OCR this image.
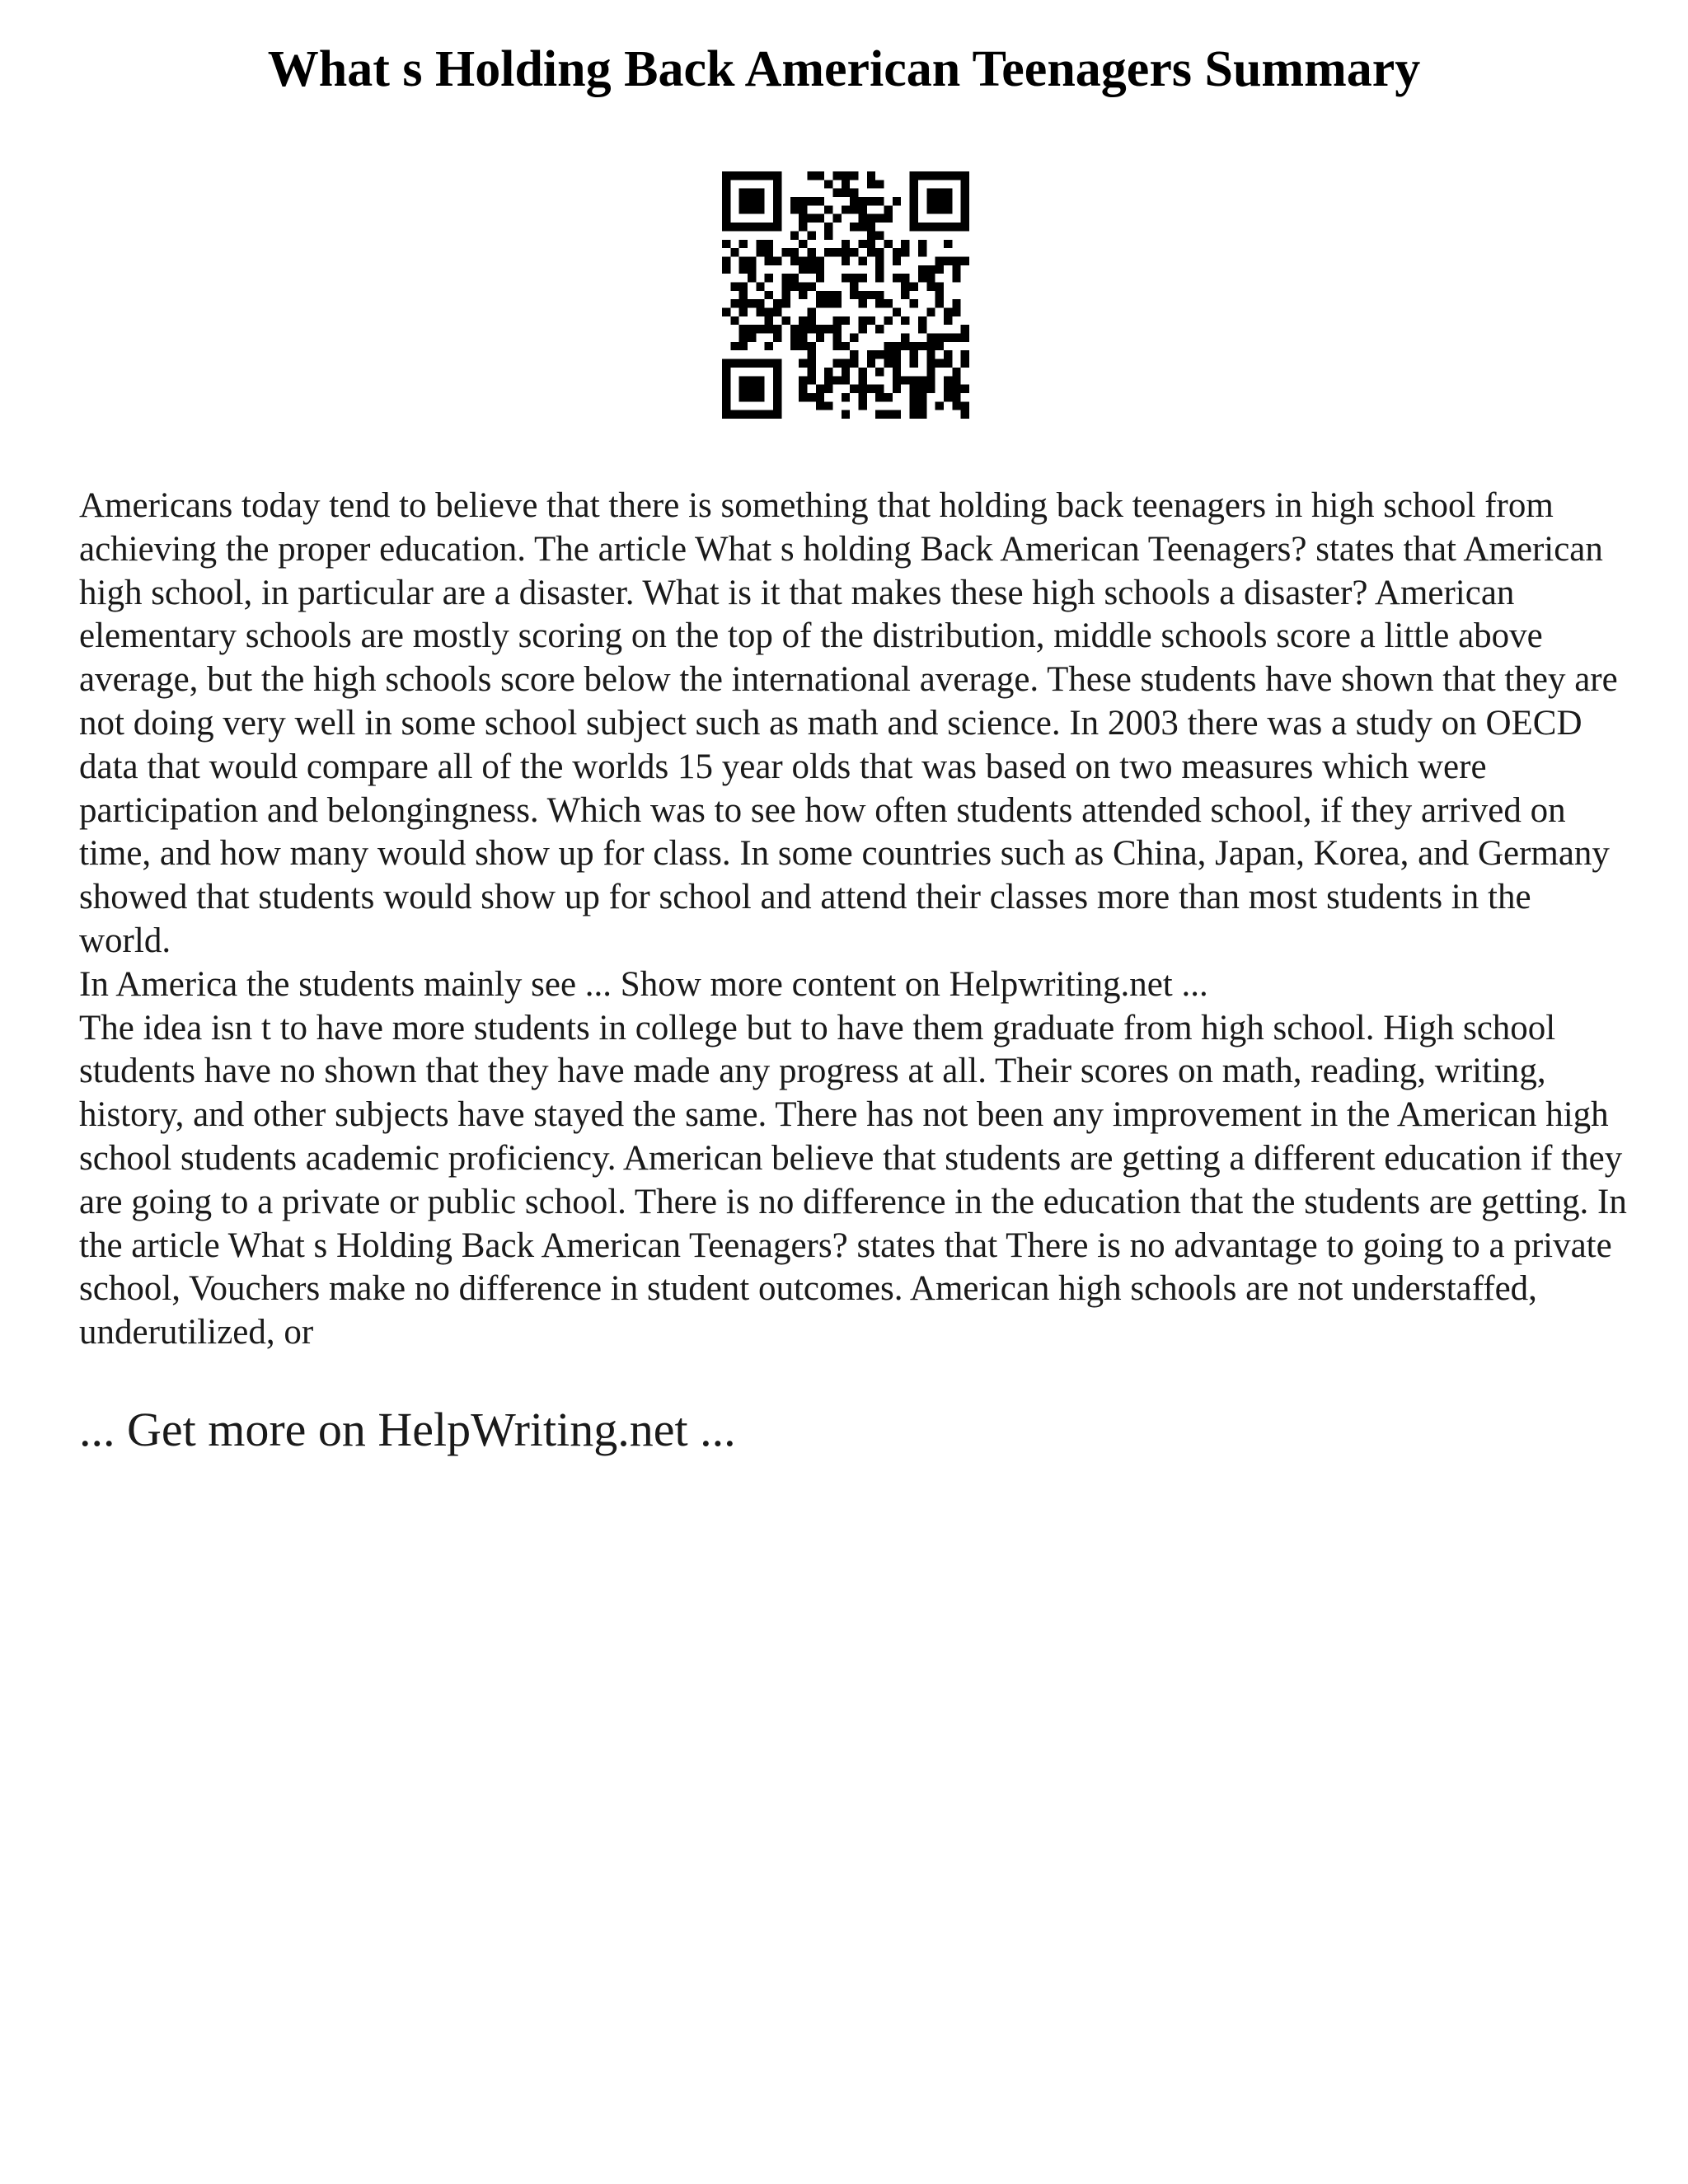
What s Holding Back American Teenagers Summary

Americans today tend to believe that there is something that holding back teenagers in high school from achieving the proper education. The article What s holding Back American Teenagers? states that American high school, in particular are a disaster. What is it that makes these high schools a disaster? American elementary schools are mostly scoring on the top of the distribution, middle schools score a little above average, but the high schools score below the international average. These students have shown that they are not doing very well in some school subject such as math and science. In 2003 there was a study on OECD data that would compare all of the worlds 15 year olds that was based on two measures which were participation and belongingness. Which was to see how often students attended school, if they arrived on time, and how many would show up for class. In some countries such as China, Japan, Korea, and Germany showed that students would show up for school and attend their classes more than most students in the world.

In America the students mainly see ... Show more content on Helpwriting.net ...

The idea isn t to have more students in college but to have them graduate from high school. High school students have no shown that they have made any progress at all. Their scores on math, reading, writing, history, and other subjects have stayed the same. There has not been any improvement in the American high school students academic proficiency. American believe that students are getting a different education if they are going to a private or public school. There is no difference in the education that the students are getting. In the article What s Holding Back American Teenagers? states that There is no advantage to going to a private school, Vouchers make no difference in student outcomes. American high schools are not understaffed, underutilized, or

... Get more on HelpWriting.net ...
